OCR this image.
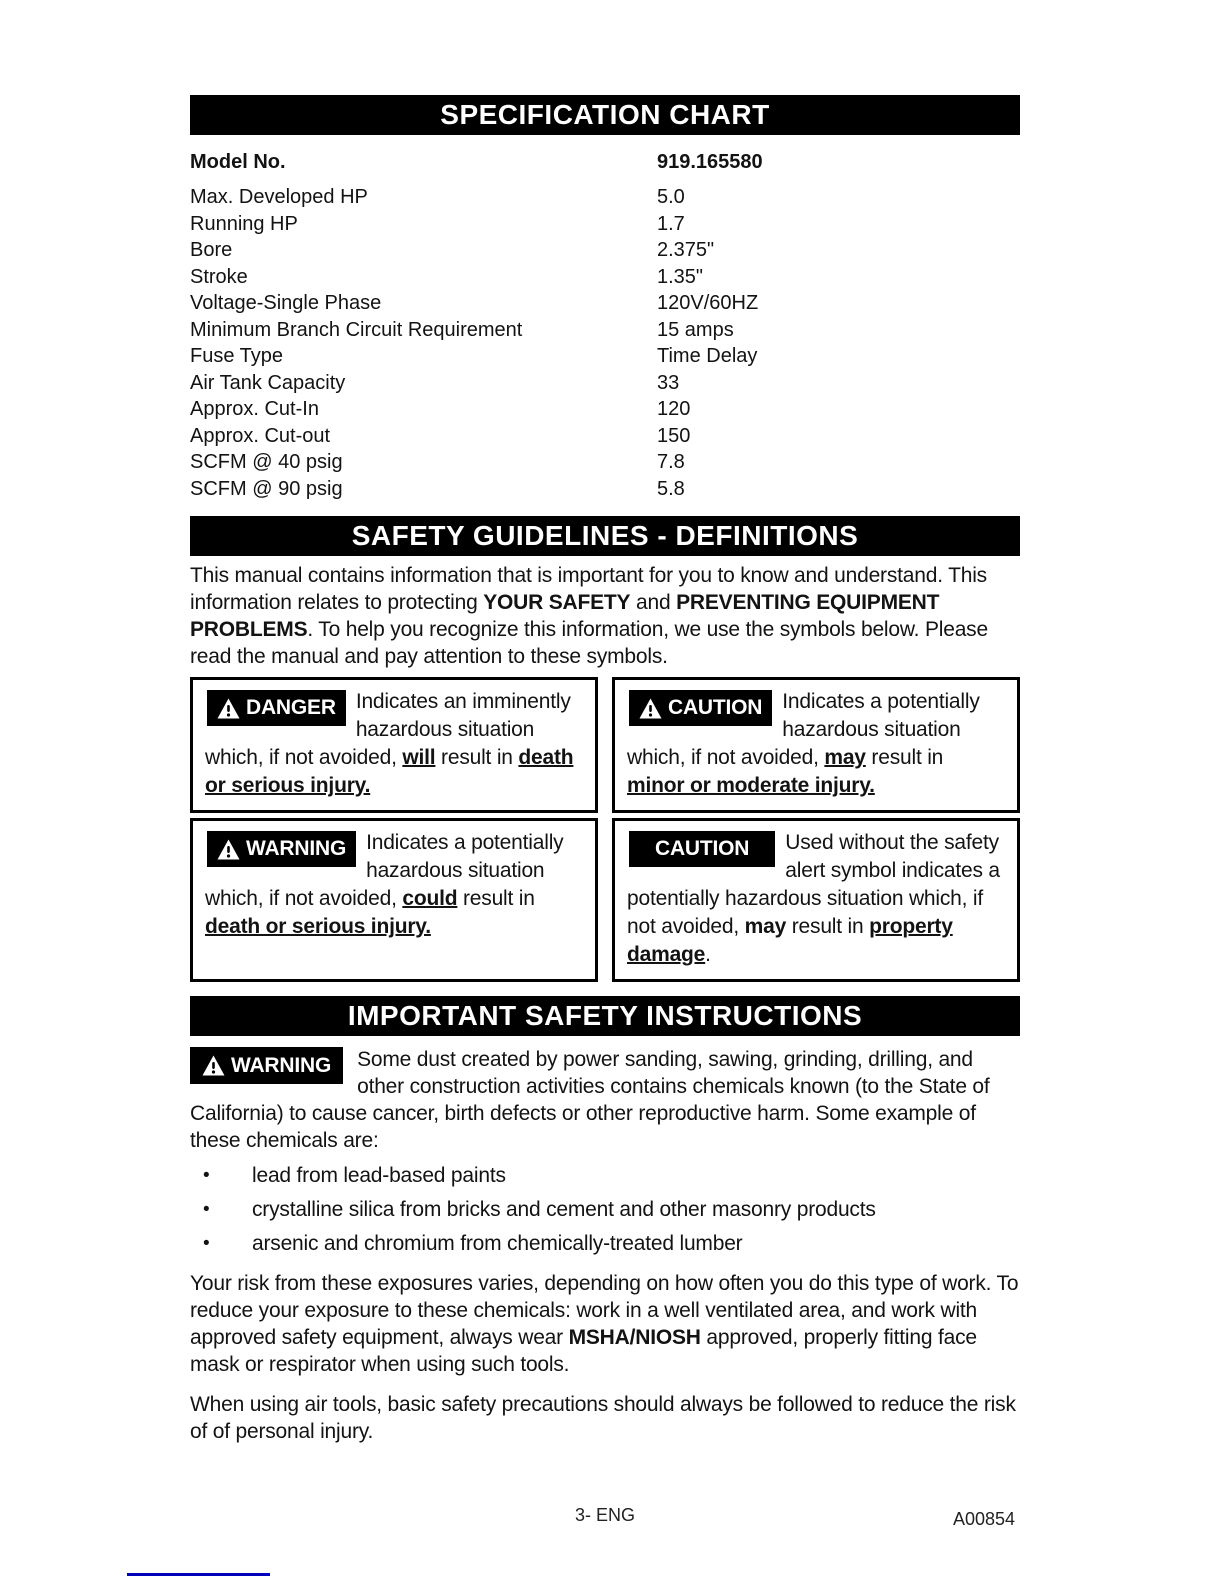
SPECIFICATION CHART
Model No.	919.165580
Max. Developed HP	5.0
Running HP	1.7
Bore	2.375"
Stroke	1.35"
Voltage-Single Phase	120V/60HZ
Minimum Branch Circuit Requirement	15 amps
Fuse Type	Time Delay
Air Tank Capacity	33
Approx. Cut-In	120
Approx. Cut-out	150
SCFM @ 40 psig	7.8
SCFM @ 90 psig	5.8
SAFETY GUIDELINES - DEFINITIONS
This manual contains information that is important for you to know and understand. This information relates to protecting YOUR SAFETY and PREVENTING EQUIPMENT PROBLEMS. To help you recognize this information, we use the symbols below. Please read the manual and pay attention to these symbols.
DANGER Indicates an imminently hazardous situation which, if not avoided, will result in death or serious injury.
CAUTION Indicates a potentially hazardous situation which, if not avoided, may result in minor or moderate injury.
WARNING Indicates a potentially hazardous situation which, if not avoided, could result in death or serious injury.
CAUTION Used without the safety alert symbol indicates a potentially hazardous situation which, if not avoided, may result in property damage.
IMPORTANT SAFETY INSTRUCTIONS
WARNING Some dust created by power sanding, sawing, grinding, drilling, and other construction activities contains chemicals known (to the State of California) to cause cancer, birth defects or other reproductive harm. Some example of these chemicals are:
•	lead from lead-based paints
•	crystalline silica from bricks and cement and other masonry products
•	arsenic and chromium from chemically-treated lumber
Your risk from these exposures varies, depending on how often you do this type of work. To reduce your exposure to these chemicals: work in a well ventilated area, and work with approved safety equipment, always wear MSHA/NIOSH approved, properly fitting face mask or respirator when using such tools.
When using air tools, basic safety precautions should always be followed to reduce the risk of of personal injury.
3- ENG	A00854
